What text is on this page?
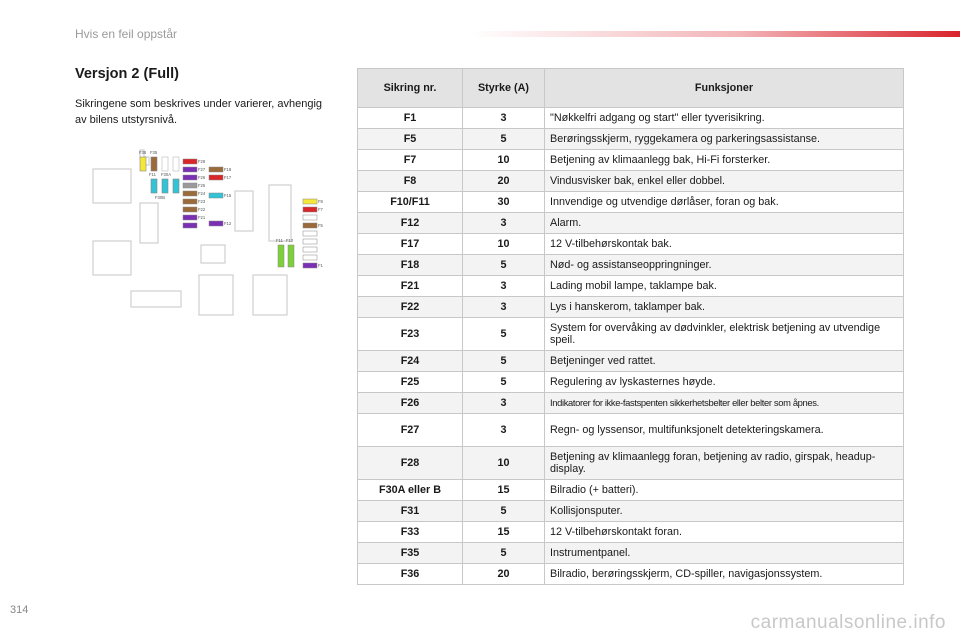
Hvis en feil oppstår
Versjon 2 (Full)
Sikringene som beskrives under varierer, avhengig av bilens utstyrsnivå.
F36 F35
F11 F30A
F30B
F28
F27
F26
F25
F24
F23
F22
F21
F18
F17
F15
F12
F11 F10
F8
F7
F5
F1
Sikring nr.	Styrke (A)	Funksjoner
F1	3	"Nøkkelfri adgang og start" eller tyverisikring.
F5	5	Berøringsskjerm, ryggekamera og parkeringsassistanse.
F7	10	Betjening av klimaanlegg bak, Hi-Fi forsterker.
F8	20	Vindusvisker bak, enkel eller dobbel.
F10/F11	30	Innvendige og utvendige dørlåser, foran og bak.
F12	3	Alarm.
F17	10	12 V-tilbehørskontak bak.
F18	5	Nød- og assistanseoppringninger.
F21	3	Lading mobil lampe, taklampe bak.
F22	3	Lys i hanskerom, taklamper bak.
F23	5	System for overvåking av dødvinkler, elektrisk betjening av utvendige speil.
F24	5	Betjeninger ved rattet.
F25	5	Regulering av lyskasternes høyde.
F26	3	Indikatorer for ikke-fastspenten sikkerhetsbelter eller belter som åpnes.
F27	3	Regn- og lyssensor, multifunksjonelt detekteringskamera.
F28	10	Betjening av klimaanlegg foran, betjening av radio, girspak, headup-display.
F30A eller B	15	Bilradio (+ batteri).
F31	5	Kollisjonsputer.
F33	15	12 V-tilbehørskontakt foran.
F35	5	Instrumentpanel.
F36	20	Bilradio, berøringsskjerm, CD-spiller, navigasjonssystem.
314
carmanualsonline.info
